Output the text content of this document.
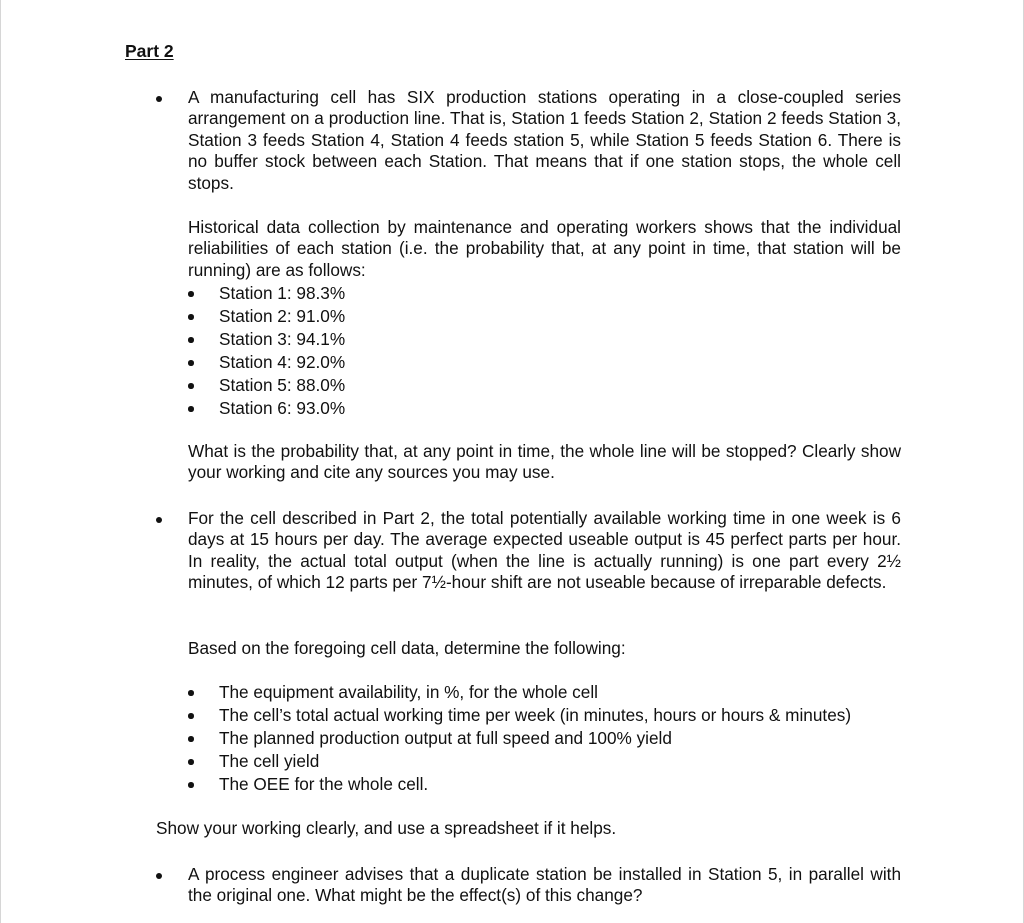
Part 2

A manufacturing cell has SIX production stations operating in a close-coupled series arrangement on a production line. That is, Station 1 feeds Station 2, Station 2 feeds Station 3, Station 3 feeds Station 4, Station 4 feeds station 5, while Station 5 feeds Station 6. There is no buffer stock between each Station. That means that if one station stops, the whole cell stops.

Historical data collection by maintenance and operating workers shows that the individual reliabilities of each station (i.e. the probability that, at any point in time, that station will be running) are as follows:

Station 1: 98.3%
Station 2: 91.0%
Station 3: 94.1%
Station 4: 92.0%
Station 5: 88.0%
Station 6: 93.0%

What is the probability that, at any point in time, the whole line will be stopped? Clearly show your working and cite any sources you may use.

For the cell described in Part 2, the total potentially available working time in one week is 6 days at 15 hours per day. The average expected useable output is 45 perfect parts per hour. In reality, the actual total output (when the line is actually running) is one part every 2½ minutes, of which 12 parts per 7½-hour shift are not useable because of irreparable defects.

Based on the foregoing cell data, determine the following:

The equipment availability, in %, for the whole cell
The cell’s total actual working time per week (in minutes, hours or hours & minutes)
The planned production output at full speed and 100% yield
The cell yield
The OEE for the whole cell.

Show your working clearly, and use a spreadsheet if it helps.

A process engineer advises that a duplicate station be installed in Station 5, in parallel with the original one. What might be the effect(s) of this change?
